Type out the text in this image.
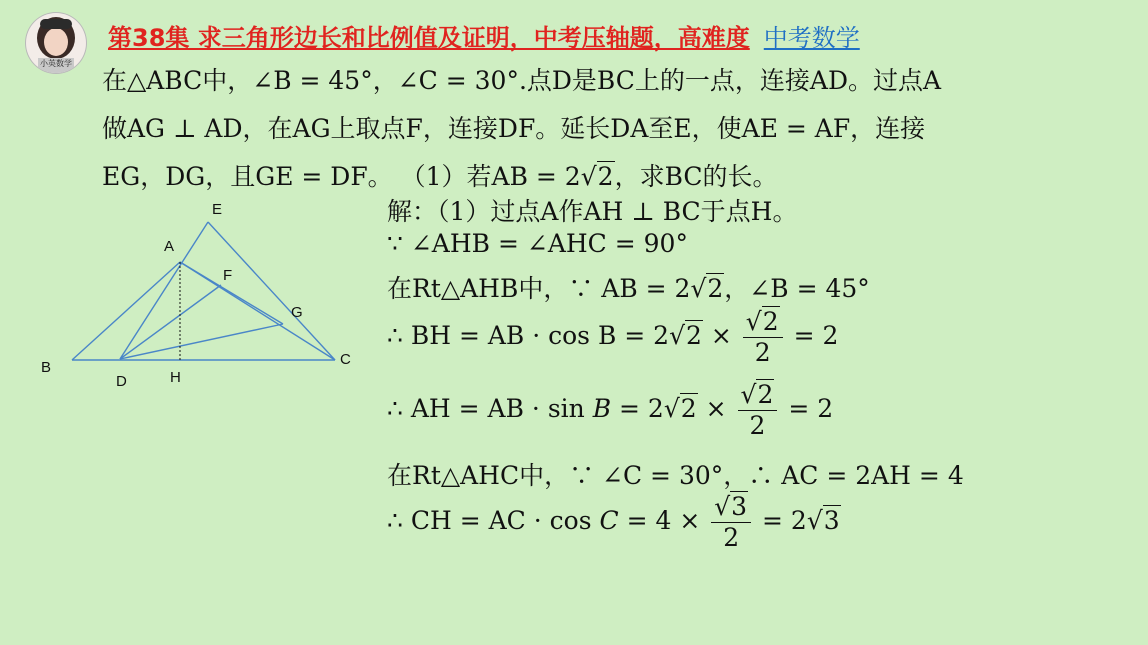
小英数学
第38集 求三角形边长和比例值及证明，中考压轴题，高难度 中考数学

在△ABC中，∠B = 45°，∠C = 30°.点D是BC上的一点，连接AD。过点A

做AG ⊥ AD，在AG上取点F，连接DF。延长DA至E，使AE = AF，连接

EG，DG，且GE = DF。 （1）若AB = 2√2，求BC的长。

E
A
F
G
B	C
D	H
解：（1）过点A作AH ⊥ BC于点H。
∵ ∠AHB = ∠AHC = 90°
在Rt△AHB中，∵ AB = 2√2，∠B = 45°
∴ BH = AB · $\cos B = 2√2 \times \frac{√2}{2} = 2$
∴ AH = AB · $\sin B = 2√2 \times \frac{√2}{2} = 2$
在Rt△AHC中，∵ ∠C = 30°，∴ AC = 2AH = 4
∴ CH = AC · $\cos C = 4 \times \frac{√3}{2} = 2√3$
